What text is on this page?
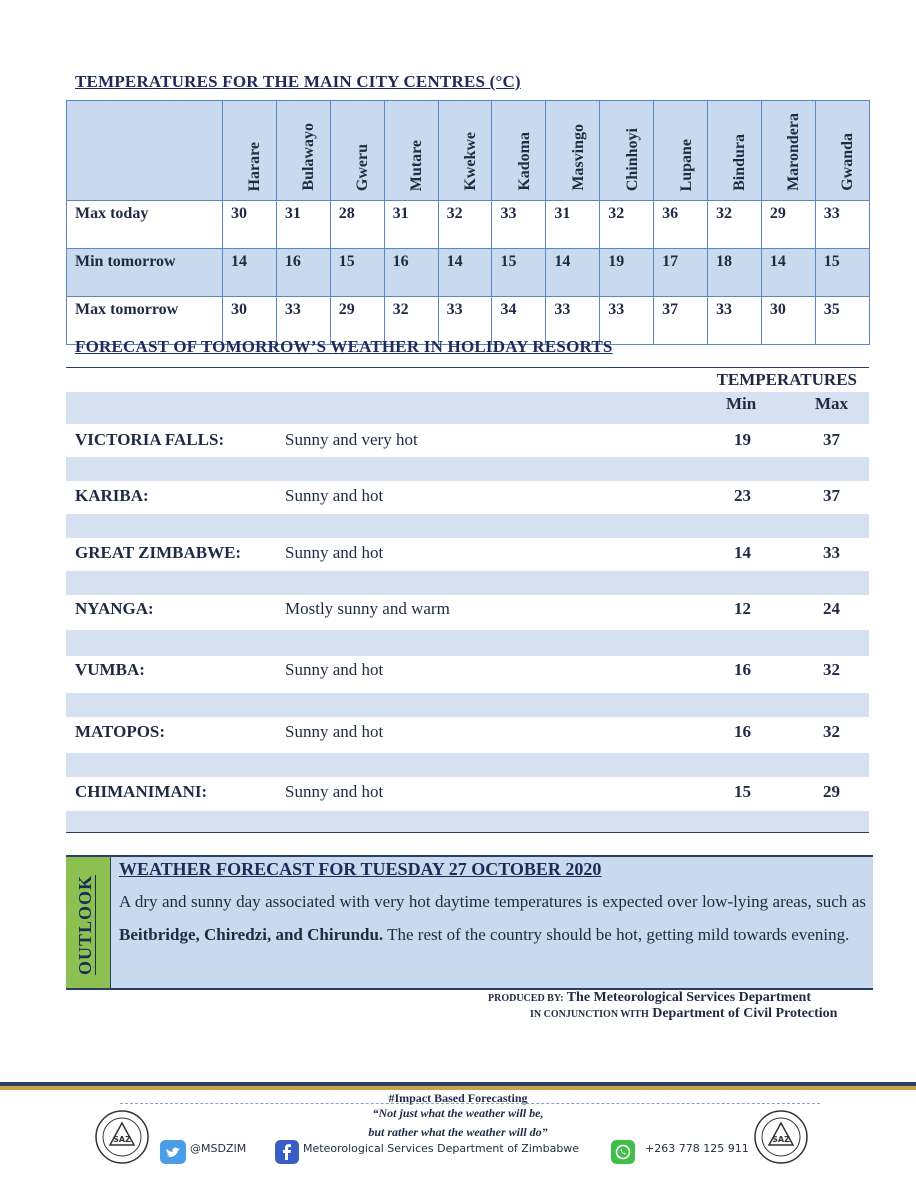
TEMPERATURES FOR THE MAIN CITY CENTRES (°C)
	Harare	Bulawayo	Gweru	Mutare	Kwekwe	Kadoma	Masvingo	Chinhoyi	Lupane	Bindura	Marondera	Gwanda
Max today	30	31	28	31	32	33	31	32	36	32	29	33
Min tomorrow	14	16	15	16	14	15	14	19	17	18	14	15
Max tomorrow	30	33	29	32	33	34	33	33	37	33	30	35
FORECAST OF TOMORROW’S WEATHER IN HOLIDAY RESORTS
TEMPERATURES
Min	Max
VICTORIA FALLS:	Sunny and very hot	19	37
KARIBA:	Sunny and hot	23	37
GREAT ZIMBABWE:	Sunny and hot	14	33
NYANGA:	Mostly sunny and warm	12	24
VUMBA:	Sunny and hot	16	32
MATOPOS:	Sunny and hot	16	32
CHIMANIMANI:	Sunny and hot	15	29
OUTLOOK
WEATHER FORECAST FOR TUESDAY 27 OCTOBER 2020
A dry and sunny day associated with very hot daytime temperatures is expected over low-lying areas, such as Beitbridge, Chiredzi, and Chirundu. The rest of the country should be hot, getting mild towards evening.
PRODUCED BY: The Meteorological Services Department
IN CONJUNCTION WITH Department of Civil Protection
#Impact Based Forecasting
“Not just what the weather will be,
but rather what the weather will do”
SAZ	SAZ
@MSDZIM	Meteorological Services Department of Zimbabwe	+263 778 125 911
